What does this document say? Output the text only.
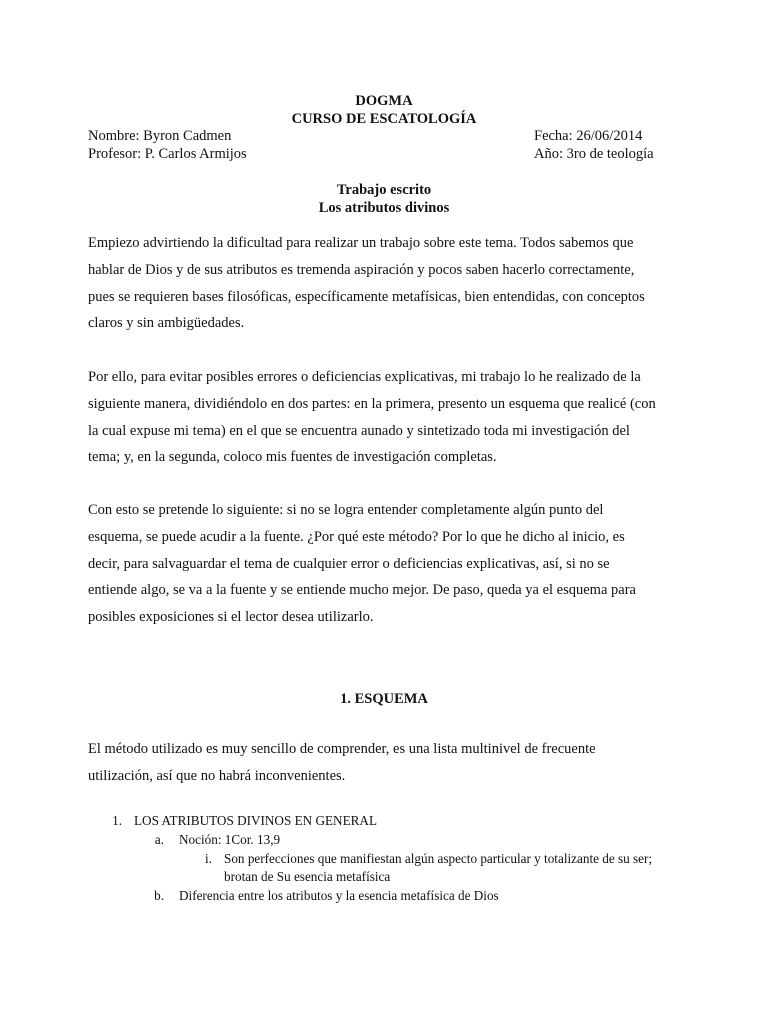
DOGMA
CURSO DE ESCATOLOGÍA
Nombre: Byron Cadmen	Fecha: 26/06/2014
Profesor: P. Carlos Armijos	Año: 3ro de teología
Trabajo escrito
Los atributos divinos
Empiezo advirtiendo la dificultad para realizar un trabajo sobre este tema. Todos sabemos que
hablar de Dios y de sus atributos es tremenda aspiración y pocos saben hacerlo correctamente,
pues se requieren bases filosóficas, específicamente metafísicas, bien entendidas, con conceptos
claros y sin ambigüedades.
Por ello, para evitar posibles errores o deficiencias explicativas, mi trabajo lo he realizado de la
siguiente manera, dividiéndolo en dos partes: en la primera, presento un esquema que realicé (con
la cual expuse mi tema) en el que se encuentra aunado y sintetizado toda mi investigación del
tema; y, en la segunda, coloco mis fuentes de investigación completas.
Con esto se pretende lo siguiente: si no se logra entender completamente algún punto del
esquema, se puede acudir a la fuente. ¿Por qué este método? Por lo que he dicho al inicio, es
decir, para salvaguardar el tema de cualquier error o deficiencias explicativas, así, si no se
entiende algo, se va a la fuente y se entiende mucho mejor. De paso, queda ya el esquema para
posibles exposiciones si el lector desea utilizarlo.
1. ESQUEMA
El método utilizado es muy sencillo de comprender, es una lista multinivel de frecuente
utilización, así que no habrá inconvenientes.
1. LOS ATRIBUTOS DIVINOS EN GENERAL
a. Noción: 1Cor. 13,9
i. Son perfecciones que manifiestan algún aspecto particular y totalizante de su ser;
brotan de Su esencia metafísica
b. Diferencia entre los atributos y la esencia metafísica de Dios
